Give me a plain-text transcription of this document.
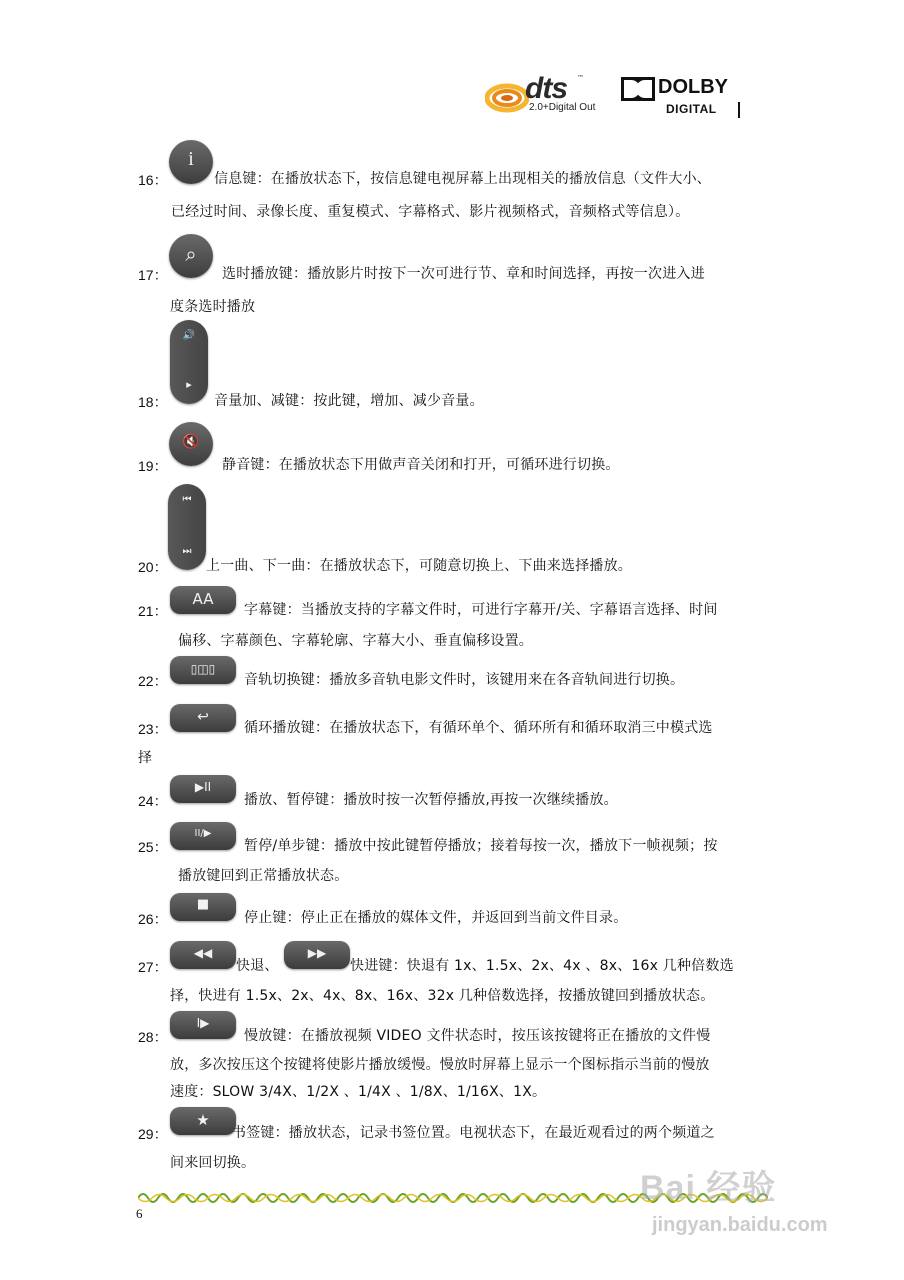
dts ™
2.0+Digital Out
DOLBY
DIGITAL
16：
i
信息键：在播放状态下，按信息键电视屏幕上出现相关的播放信息（文件大小、
已经过时间、录像长度、重复模式、字幕格式、影片视频格式，音频格式等信息）。
17：
⌕
选时播放键：播放影片时按下一次可进行节、章和时间选择，再按一次进入进
度条选时播放
18：
🔊
▸
音量加、减键：按此键，增加、减少音量。
19：
🔇
静音键：在播放状态下用做声音关闭和打开，可循环进行切换。
20：
⏮
⏭
上一曲、下一曲：在播放状态下，可随意切换上、下曲来选择播放。
21：
AA
字幕键：当播放支持的字幕文件时，可进行字幕开/关、字幕语言选择、时间
偏移、字幕颜色、字幕轮廓、字幕大小、垂直偏移设置。
22：
▯◫▯
音轨切换键：播放多音轨电影文件时，该键用来在各音轨间进行切换。
23：
↩
循环播放键：在播放状态下，有循环单个、循环所有和循环取消三中模式选
择
24：
▶II
播放、暂停键：播放时按一次暂停播放,再按一次继续播放。
25：
II/▶
暂停/单步键：播放中按此键暂停播放；接着每按一次，播放下一帧视频；按
播放键回到正常播放状态。
26：
■
停止键：停止正在播放的媒体文件，并返回到当前文件目录。
27：
◀◀
快退、
▶▶
快进键：快退有 1x、1.5x、2x、4x 、8x、16x 几种倍数选
择，快进有 1.5x、2x、4x、8x、16x、32x 几种倍数选择，按播放键回到播放状态。
28：
I▶
慢放键：在播放视频 VIDEO 文件状态时，按压该按键将正在播放的文件慢
放，多次按压这个按键将使影片播放缓慢。慢放时屏幕上显示一个图标指示当前的慢放
速度：SLOW 3/4X、1/2X 、1/4X 、1/8X、1/16X、1X。
29：
★
书签键：播放状态，记录书签位置。电视状态下，在最近观看过的两个频道之
间来回切换。
6
Bai 经验
jingyan.baidu.com
